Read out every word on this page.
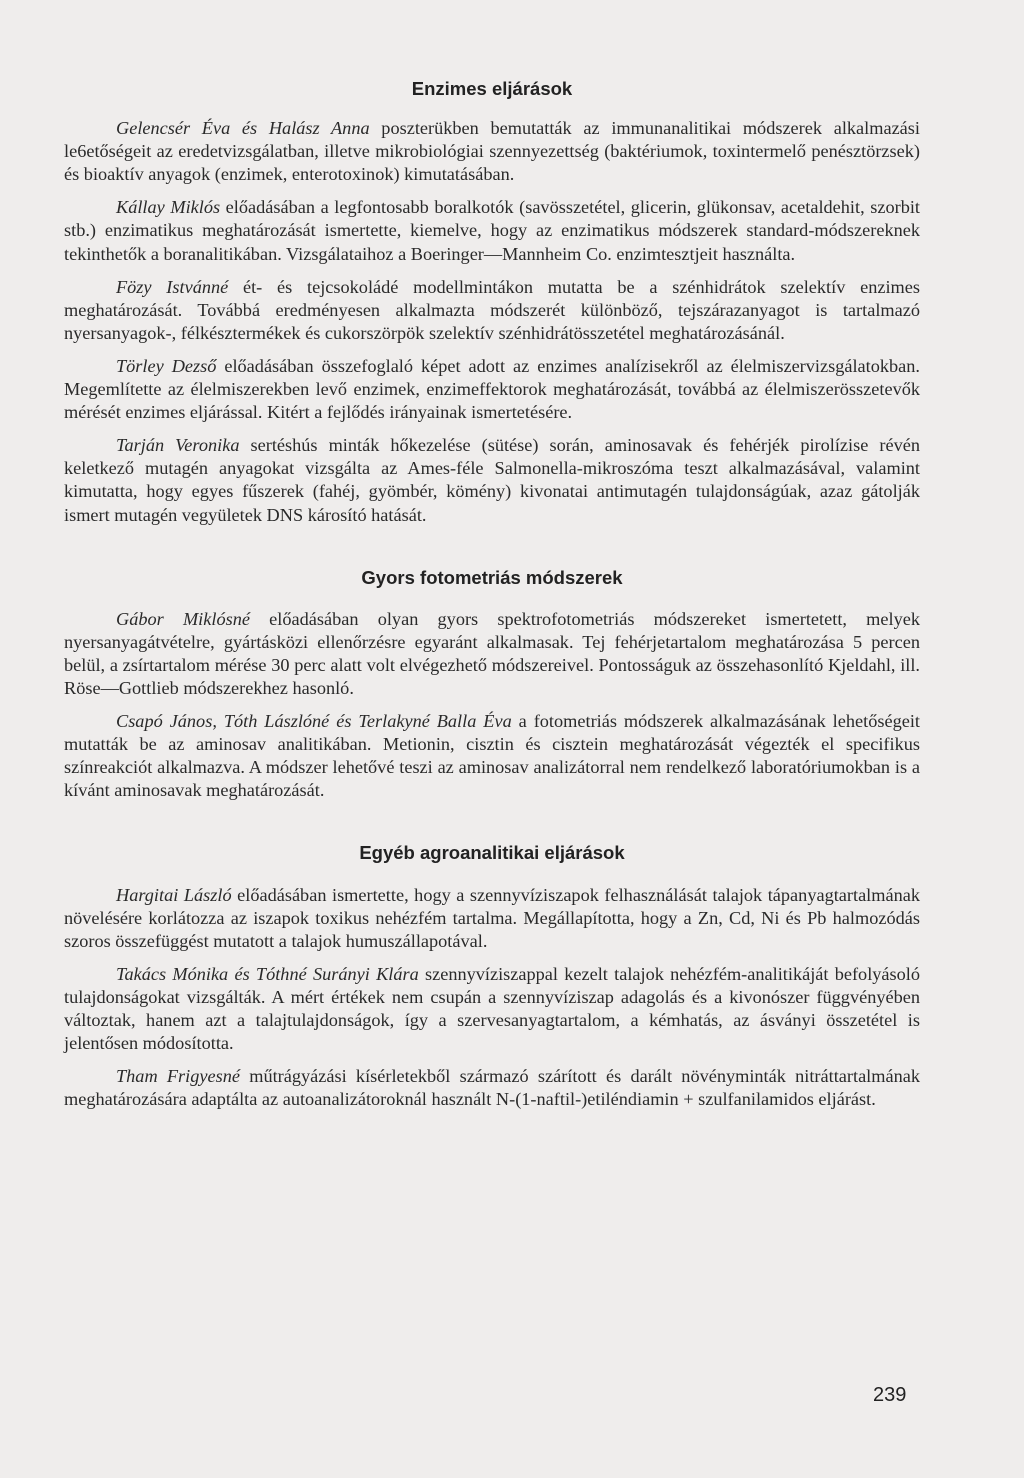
Enzimes eljárások

Gelencsér Éva és Halász Anna poszterükben bemutatták az immunanalitikai módszerek alkalmazási le6etőségeit az eredetvizsgálatban, illetve mikrobiológiai szennyezettség (baktériumok, toxintermelő penésztörzsek) és bioaktív anyagok (enzimek, enterotoxinok) kimutatásában.

Kállay Miklós előadásában a legfontosabb boralkotók (savösszetétel, glicerin, glükonsav, acetaldehit, szorbit stb.) enzimatikus meghatározását ismertette, kiemelve, hogy az enzimatikus módszerek standard-módszereknek tekinthetők a boranalitikában. Vizsgálataihoz a Boeringer—Mannheim Co. enzimtesztjeit használta.

Fözy Istvánné ét- és tejcsokoládé modellmintákon mutatta be a szénhidrátok szelektív enzimes meghatározását. Továbbá eredményesen alkalmazta módszerét különböző, tejszárazanyagot is tartalmazó nyersanyagok-, félkésztermékek és cukorszörpök szelektív szénhidrátösszetétel meghatározásánál.

Törley Dezső előadásában összefoglaló képet adott az enzimes analízisekről az élelmiszervizsgálatokban. Megemlítette az élelmiszerekben levő enzimek, enzimeffektorok meghatározását, továbbá az élelmiszerösszetevők mérését enzimes eljárással. Kitért a fejlődés irányainak ismertetésére.

Tarján Veronika sertéshús minták hőkezelése (sütése) során, aminosavak és fehérjék pirolízise révén keletkező mutagén anyagokat vizsgálta az Ames-féle Salmonella-mikroszóma teszt alkalmazásával, valamint kimutatta, hogy egyes fűszerek (fahéj, gyömbér, kömény) kivonatai antimutagén tulajdonságúak, azaz gátolják ismert mutagén vegyületek DNS károsító hatását.

Gyors fotometriás módszerek

Gábor Miklósné előadásában olyan gyors spektrofotometriás módszereket ismertetett, melyek nyersanyagátvételre, gyártásközi ellenőrzésre egyaránt alkalmasak. Tej fehérjetartalom meghatározása 5 percen belül, a zsírtartalom mérése 30 perc alatt volt elvégezhető módszereivel. Pontosságuk az összehasonlító Kjeldahl, ill. Röse—Gottlieb módszerekhez hasonló.

Csapó János, Tóth Lászlóné és Terlakyné Balla Éva a fotometriás módszerek alkalmazásának lehetőségeit mutatták be az aminosav analitikában. Metionin, cisztin és cisztein meghatározását végezték el specifikus színreakciót alkalmazva. A módszer lehetővé teszi az aminosav analizátorral nem rendelkező laboratóriumokban is a kívánt aminosavak meghatározását.

Egyéb agroanalitikai eljárások

Hargitai László előadásában ismertette, hogy a szennyvíziszapok felhasználását talajok tápanyagtartalmának növelésére korlátozza az iszapok toxikus nehézfém tartalma. Megállapította, hogy a Zn, Cd, Ni és Pb halmozódás szoros összefüggést mutatott a talajok humuszállapotával.

Takács Mónika és Tóthné Surányi Klára szennyvíziszappal kezelt talajok nehézfém-analitikáját befolyásoló tulajdonságokat vizsgálták. A mért értékek nem csupán a szennyvíziszap adagolás és a kivonószer függvényében változtak, hanem azt a talajtulajdonságok, így a szervesanyagtartalom, a kémhatás, az ásványi összetétel is jelentősen módosította.

Tham Frigyesné műtrágyázási kísérletekből származó szárított és darált növényminták nitráttartalmának meghatározására adaptálta az autoanalizátoroknál használt N-(1-naftil-)etiléndiamin + szulfanilamidos eljárást.

239
